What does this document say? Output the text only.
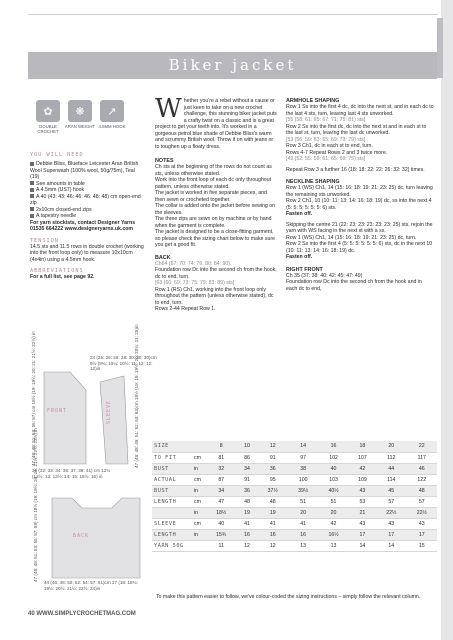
Biker jacket
✿
DOUBLE CROCHET
❋
ARAN WEIGHT
↗
4.5MM HOOK
YOU WILL NEED

Debbie Bliss, Blueface Leicester Aran British Wool Superwash (100% wool, 50g/75m), Teal (19)

See amounts in table

A 4.5mm (US7) hook

A 40 (43: 43: 46: 46: 46: 48: 48) cm open-end zip

2x10cm closed-end zips

A tapestry needle

For yarn stockists, contact Designer Yarns 01535 664222 www.designeryarns.uk.com

TENSION

14.5 sts and 11.5 rows in double crochet (working into the front loop only) to measure 10x10cm (4x4in) using a 4.5mm hook.

ABBREVIATIONS

For a full list, see page 92.

24 (25: 26: 26: 28: 30: 30: 30)cm 9½ (9¾: 10¼: 10½: 11: 12: 12: 12)in
FRONT	SLEEVE
BACK
31 (32: 33: 34: 36: 37: 39: 41) cm 12¼ (12½: 13: 13½: 14: 15: 15½: 16) in
47 (48: 49: 51: 53: 55: 57) cm 18½ (19: 19½: 20: 21: 21½: 22½) in	47 (48: 48: 49: 51: 52: 53: 63)cm 18½ (19: 19: 19½: 20: 20½: 21: 25)in
47 (48: 49: 51: 53: 55: 57: 59) cm 18½ (19: 19½: 20: 21: 21½: 22½: 23½) in
44 (46: 48: 50: 52: 54: 57: 61)cm 17 (18: 18¾: 19½: 20½: 21½: 22½: 24)in

Whether you're a rebel without a cause or just keen to take on a new crochet challenge, this stunning biker jacket puts a crafty twist on a classic and is a great project to get your teeth into. It's worked in a gorgeous petrol blue shade of Debbie Bliss's warm and scrummy British wool. Throw it on with jeans or to toughen up a floaty dress.

NOTES

Ch sts at the beginning of the rows do not count as sts, unless otherwise stated.

Work into the front loop of each dc only throughout pattern, unless otherwise stated.

The jacket is worked in five separate pieces, and then sewn or crocheted together.

The collar is added onto the jacket before sewing on the sleeves.

The three zips are sewn on by machine or by hand when the garment is complete.

The jacket is designed to be a close-fitting garment, so please check the sizing chart below to make sure you get a good fit.

BACK

Ch64 (67: 70: 74: 76: 80: 84: 90).

Foundation row Dc into the second ch from the hook, dc to end, turn.

[63 (66: 69: 73: 75: 79: 83: 89) sts]

Row 1 (RS) Ch1, working into the front loop only throughout the pattern (unless otherwise stated), dc to end, turn.

Rows 2-44 Repeat Row 1.

ARMHOLE SHAPING

Row 1 Ss into the first 4 dc, dc into the next st, and in each dc to the last 4 sts, turn, leaving last 4 sts unworked.

[55 (58: 61: 65: 67: 71: 75: 81) sts]

Row 2 Ss into the first dc, dc into the next st and in each st to the last st, turn, leaving the last dc unworked.

[53 (56: 59: 63: 65: 69: 73: 79) sts]

Row 3 Ch1, dc in each st to end, turn.

Rows 4-7 Repeat Rows 2 and 3 twice more.

[49 (52: 55: 59: 61: 65: 69: 75) sts]

Repeat Row 3 a further 16 (18: 18: 22: 22: 26: 32: 32) times.

NECKLINE SHAPING

Row 1 (WS) Ch1, 14 (15: 16: 18: 19: 21: 23: 25) dc, turn leaving the remaining sts unworked.

Row 2 Ch1, 10 (10: 11: 13: 14: 16: 18: 19) dc, ss into the next 4 (5: 5: 5: 5: 5: 5: 6) sts.

Fasten off.

Skipping the centre 21 (22: 23: 23: 23: 23: 23: 25) sts, rejoin the yarn with WS facing in the next st with a ss.

Row 1 (WS) Ch1, 14 (15: 16: 18: 19: 21: 23: 25) dc, turn.

Row 2 Ss into the first 4 (5: 5: 5: 5: 5: 5: 6) sts, dc in the next 10 (10: 11: 13: 14: 16: 18: 19) dc.

Fasten off.

RIGHT FRONT

Ch 35 (37: 38: 40: 42: 45: 47: 49)

Foundation row Dc into the second ch from the hook and in each dc to end,

SIZE		8	10	12	14	16	18	20	22
TO FIT	cm	81	86	91	97	102	107	112	117
BUST	in	32	34	36	38	40	42	44	46
ACTUAL	cm	87	91	95	100	103	109	114	122
BUST	in	34	36	37½	39½	40½	43	45	48
LENGTH	cm	47	48	48	51	51	53	57	57
	in	18½	19	19	20	20	21	22½	22½
SLEEVE	cm	40	41	41	41	42	43	43	43
LENGTH	in	15¾	16	16	16	16½	17	17	17
YARN 50G		11	12	12	13	13	14	14	15
To make this pattern easier to follow, we've colour-coded the sizing instructions – simply follow the relevant column.
40 WWW.SIMPLYCROCHETMAG.COM
